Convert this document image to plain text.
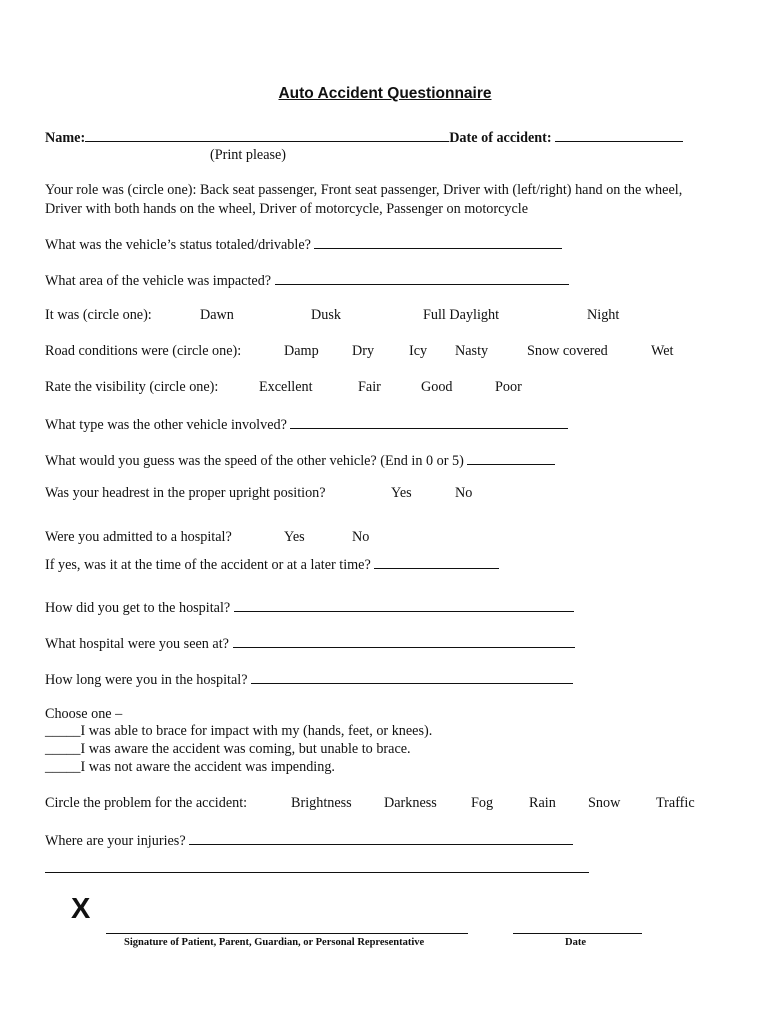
Auto Accident Questionnaire
Name:	Date of accident:
(Print please)
Your role was (circle one): Back seat passenger, Front seat passenger, Driver with (left/right) hand on the wheel, Driver with both hands on the wheel, Driver of motorcycle, Passenger on motorcycle
What was the vehicle’s status totaled/drivable?
What area of the vehicle was impacted?
It was (circle one):	Dawn	Dusk	Full Daylight	Night
Road conditions were (circle one):	Damp Dry Icy Nasty	Snow covered	Wet
Rate the visibility (circle one):	Excellent	Fair	Good	Poor
What type was the other vehicle involved?
What would you guess was the speed of the other vehicle? (End in 0 or 5)
Was your headrest in the proper upright position?	Yes	No
Were you admitted to a hospital?	Yes	No
If yes, was it at the time of the accident or at a later time?
How did you get to the hospital?
What hospital were you seen at?
How long were you in the hospital?
Choose one –
_____I was able to brace for impact with my (hands, feet, or knees).
_____I was aware the accident was coming, but unable to brace.
_____I was not aware the accident was impending.
Circle the problem for the accident:	Brightness Darkness Fog	Rain Snow	Traffic
Where are your injuries?
X
Signature of Patient, Parent, Guardian, or Personal Representative	Date
